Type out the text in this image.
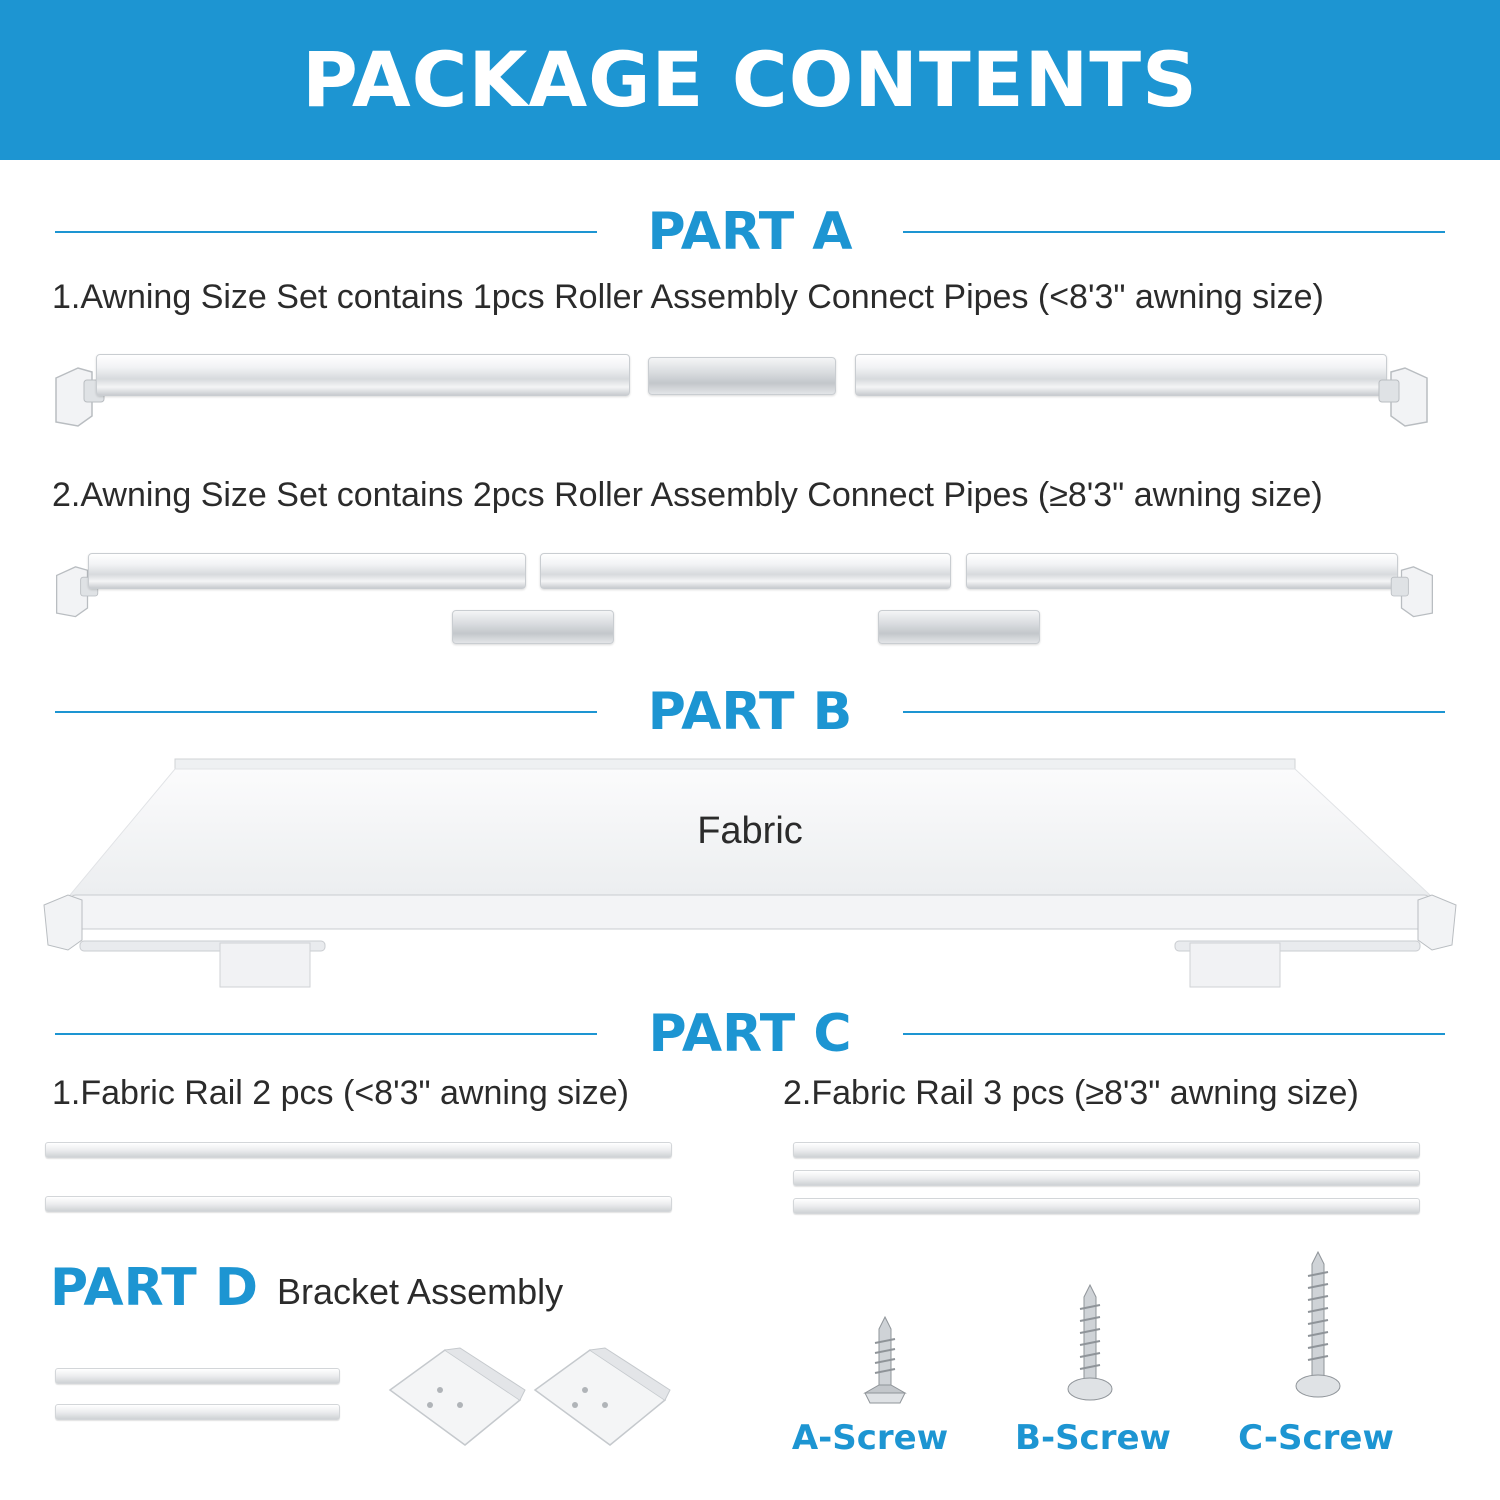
PACKAGE CONTENTS
PART A
1.Awning Size Set contains 1pcs Roller Assembly Connect Pipes (<8'3" awning size)
2.Awning Size Set contains 2pcs Roller Assembly Connect Pipes (≥8'3" awning size)
PART B
Fabric
PART C
1.Fabric Rail 2 pcs (<8'3" awning size)	2.Fabric Rail 3 pcs (≥8'3" awning size)
PART D Bracket Assembly
A-Screw	B-Screw	C-Screw
